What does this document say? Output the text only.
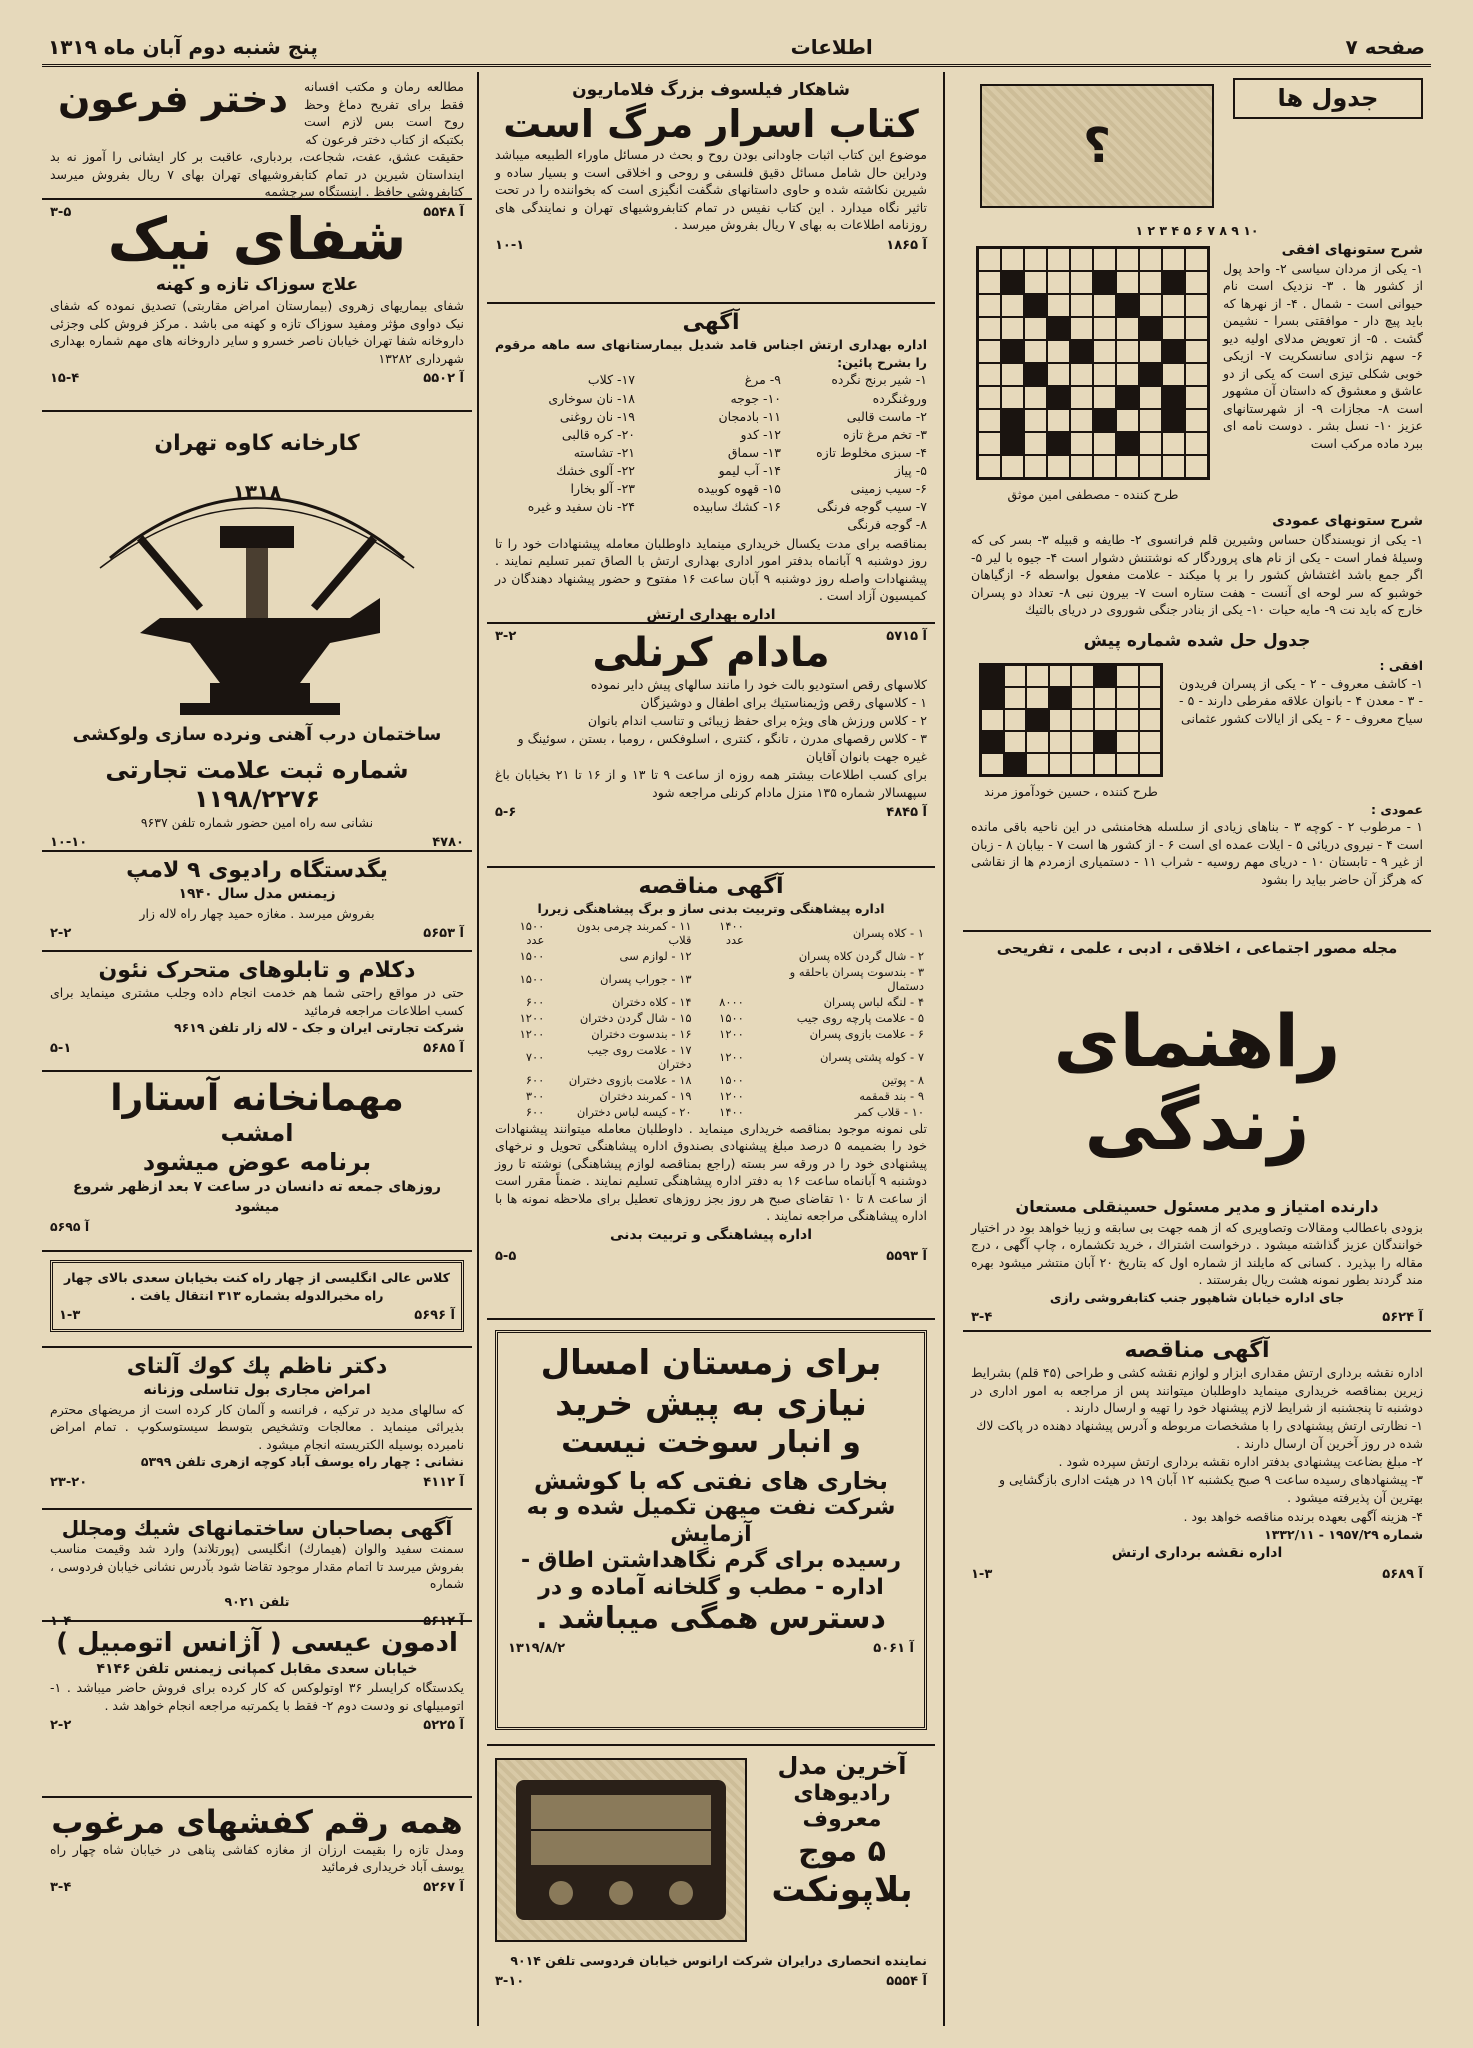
صفحه ۷
اطلاعات
پنج شنبه دوم آبان ماه ۱۳۱۹
جدول ها
؟
۱ ۲ ۳ ۴ ۵ ۶ ۷ ۸ ۹ ۱۰
شرح ستونهای افقی
۱- یکی از مردان سیاسی ۲- واحد پول از کشور ها . ۳- نزدیک است نام حیوانی است - شمال . ۴- از نهرها که باید پیچ دار - موافقتی بسرا - نشیمن گشت . ۵- از تعویض مدلای اولیه دیو ۶- سهم نژادی سانسکریت ۷- ازیکی خوبی شکلی تیزی است که یکی از دو عاشق و معشوق که داستان آن مشهور است ۸- مجازات ۹- از شهرستانهای عزیز ۱۰- نسل بشر . دوست نامه ای ببرد ماده مرکب است
طرح کننده - مصطفی امین موثق
شرح ستونهای عمودی
۱- یکی از نویسندگان حساس وشیرین قلم فرانسوی ۲- طایفه و قبیله ۳- بسر کی که وسیلهٔ فمار است - یکی از نام های پروردگار که نوشتنش دشوار است ۴- جیوه با لیر ۵- اگر جمع باشد اغتشاش کشور را بر پا میکند - علامت مفعول بواسطه ۶- ازگیاهان خوشبو که سر لوحه ای آنست - هفت ستاره است ۷- بیرون نبی ۸- تعداد دو پسران خارج که باید نت ۹- مایه حیات ۱۰- یکی از بنادر جنگی شوروی در دریای بالتیك
جدول حل شده شماره پیش
افقی :
۱- کاشف معروف - ۲ - یکی از پسران فریدون - ۳ - معدن ۴ - بانوان علاقه مفرطی دارند - ۵ - سیاح معروف - ۶ - یکی از ایالات کشور عثمانی
طرح کننده ، حسین خودآموز مرند
عمودی :
۱ - مرطوب ۲ - کوچه ۳ - بناهای زیادی از سلسله هخامنشی در این ناحیه باقی مانده است ۴ - نیروی دریائی ۵ - ایلات عمده ای است ۶ - از کشور ها است ۷ - بیابان ۸ - زبان از غیر ۹ - تابستان ۱۰ - دریای مهم روسیه - شراب ۱۱ - دستمیاری ازمردم ها از نقاشی که هرگز آن حاضر بیاید را بشود
مجله مصور اجتماعی ، اخلاقی ، ادبی ، علمی ، تفریحی
راهنمای زندگی
دارنده امتیاز و مدیر مسئول حسینقلی مستعان
بزودی باعطالب ومقالات وتصاویری که از همه جهت بی سابقه و زیبا خواهد بود در اختیار خوانندگان عزیز گذاشته میشود . درخواست اشتراك ، خرید تكشماره ، چاپ آگهی ، درج مقاله را بپذیرد . کسانی که مایلند از شماره اول که بتاریخ ۲۰ آبان منتشر میشود بهره مند گردند بطور نمونه هشت ریال بفرستند .
جای اداره خیابان شاهپور جنب کتابفروشی رازی
۳-۴	آ ۵۶۲۴
آگهی مناقصه
اداره نقشه برداری ارتش مقداری ابزار و لوازم نقشه کشی و طراحی (۴۵ قلم) بشرایط زیرین بمناقصه خریداری مینماید داوطلبان میتوانند پس از مراجعه به امور اداری در دوشنبه تا پنجشنبه از شرایط لازم پیشنهاد خود را تهیه و ارسال دارند .
۱- نظارتی ارتش پیشنهادی را با مشخصات مربوطه و آدرس پیشنهاد دهنده در پاکت لاك شده در روز آخرین آن ارسال دارند .
۲- مبلغ بضاعت پیشنهادی بدفتر اداره نقشه برداری ارتش سپرده شود .
۳- پیشنهادهای رسیده ساعت ۹ صبح یکشنبه ۱۲ آبان ۱۹ در هیئت اداری بازگشایی و بهترین آن پذیرفته میشود .
۴- هزینه آگهی بعهده برنده مناقصه خواهد بود .
شماره ۱۹۵۷/۲۹ - ۱۳۳۲/۱۱
اداره نقشه برداری ارتش
۱-۳	آ ۵۶۸۹
شاهکار فیلسوف بزرگ فلاماریون
کتاب اسرار مرگ است
موضوع این کتاب اثبات جاودانی بودن روح و بحث در مسائل ماوراء الطبیعه میباشد ودراین حال شامل مسائل دقیق فلسفی و روحی و اخلاقی است و بسیار ساده و شیرین نکاشته شده و حاوی داستانهای شگفت انگیزی است که بخواننده را در تحت تاثیر نگاه میدارد . این کتاب نفیس در تمام کتابفروشیهای تهران و نمایندگی های روزنامه اطلاعات به بهای ۷ ریال بفروش میرسد .
۱۰-۱	آ ۱۸۶۵
آگهی
اداره بهداری ارتش اجناس قامد شدیل بیمارستانهای سه ماهه مرقوم را بشرح پائین:
۱- شیر برنج نگرده وروغنگرده
۲- ماست قالبی
۳- تخم مرغ تازه
۴- سبزی مخلوط تازه
۵- پیاز
۶- سیب زمینی
۷- سیب گوجه فرنگی
۸- گوجه فرنگی
۹- مرغ
۱۰- جوجه
۱۱- بادمجان
۱۲- کدو
۱۳- سماق
۱۴- آب لیمو
۱۵- قهوه کوبیده
۱۶- کشك سابیده
۱۷- کلاب
۱۸- نان سوخاری
۱۹- نان روغنی
۲۰- کره قالبی
۲۱- تشاسته
۲۲- آلوی خشك
۲۳- آلو بخارا
۲۴- نان سفید و غیره
بمناقصه برای مدت یکسال خریداری مینماید داوطلبان معامله پیشنهادات خود را تا روز دوشنبه ۹ آبانماه بدفتر امور اداری بهداری ارتش با الصاق تمبر تسلیم نمایند . پیشنهادات واصله روز دوشنبه ۹ آبان ساعت ۱۶ مفتوح و حضور پیشنهاد دهندگان در کمیسیون آزاد است .
اداره بهداری ارتش
۳-۲	آ ۵۷۱۵
مادام کرنلی
کلاسهای رقص استودیو بالت خود را مانند سالهای پیش دایر نموده
۱ - کلاسهای رقص وژیمناستیك برای اطفال و دوشیزگان
۲ - کلاس ورزش های ویژه برای حفظ زیبائی و تناسب اندام بانوان
۳ - کلاس رقصهای مدرن ، تانگو ، کنتری ، اسلوفکس ، رومبا ، بستن ، سوئینگ و غیره جهت بانوان آقایان
برای کسب اطلاعات بیشتر همه روزه از ساعت ۹ تا ۱۳ و از ۱۶ تا ۲۱ بخیابان باغ سپهسالار شماره ۱۳۵ منزل مادام کرنلی مراجعه شود
۵-۶	آ ۴۸۴۵
آگهی مناقصه
اداره پیشاهنگی وتربیت بدنی ساز و برگ پیشاهنگی زیررا
۱ - کلاه پسران	۱۴۰۰ عدد	۱۱ - کمربند چرمی بدون قلاب	۱۵۰۰ عدد
۲ - شال گردن کلاه پسران		۱۲ - لوازم سی	۱۵۰۰
۳ - بندسوت پسران باحلقه و دستمال		۱۳ - جوراب پسران	۱۵۰۰
۴ - لنگه لباس پسران	۸۰۰۰	۱۴ - کلاه دختران	۶۰۰
۵ - علامت پارچه روی جیب	۱۵۰۰	۱۵ - شال گردن دختران	۱۲۰۰
۶ - علامت بازوی پسران	۱۲۰۰	۱۶ - بندسوت دختران	۱۲۰۰
۷ - کوله پشتی پسران	۱۲۰۰	۱۷ - علامت روی جیب دختران	۷۰۰
۸ - پوتین	۱۵۰۰	۱۸ - علامت بازوی دختران	۶۰۰
۹ - بند قمقمه	۱۲۰۰	۱۹ - کمربند دختران	۳۰۰
۱۰ - قلاب کمر	۱۴۰۰	۲۰ - کیسه لباس دختران	۶۰۰
تلی نمونه موجود بمناقصه خریداری مینماید . داوطلبان معامله میتوانند پیشنهادات خود را بضمیمه ۵ درصد مبلغ پیشنهادی بصندوق اداره پیشاهنگی تحویل و نرخهای پیشنهادی خود را در ورقه سر بسته (راجع بمناقصه لوازم پیشاهنگی) نوشته تا روز دوشنبه ۹ آبانماه ساعت ۱۶ به دفتر اداره پیشاهنگی تسلیم نمایند . ضمناً مقرر است از ساعت ۸ تا ۱۰ تقاضای صبح هر روز بجز روزهای تعطیل برای ملاحظه نمونه ها با اداره پیشاهنگی مراجعه نمایند .
اداره پیشاهنگی و تربیت بدنی
۵-۵	آ ۵۵۹۳
برای زمستان امسال
نیازی به پیش خرید
و انبار سوخت نیست
بخاری های نفتی که با کوشش
شرکت نفت میهن تکمیل شده و به آزمایش
رسیده برای گرم نگاهداشتن اطاق -
اداره - مطب و گلخانه آماده و در
دسترس همگی میباشد .
۱۳۱۹/۸/۲	آ ۵۰۶۱
آخرین مدل
رادیوهای معروف
۵ موج
بلاپونکت
نماینده انحصاری درایران شرکت ارانوس خیابان فردوسی تلفن ۹۰۱۴
۳-۱۰	آ ۵۵۵۴
مطالعه رمان و مکتب افسانه فقط برای تفریح دماغ وحظ روح است بس لازم است بکتبکه از کتاب دختر فرعون که
دختر فرعون
حقیقت عشق، عفت، شجاعت، بردباری، عاقبت بر کار ایشانی را آموز نه بد اینداستان شیرین در تمام کتابفروشیهای تهران بهای ۷ ریال بفروش میرسد کتابفروشی حافظ . اینستگاه سرچشمه
۳-۵	آ ۵۵۴۸
شفای نیک
علاج سوزاک تازه و کهنه
شفای بیماریهای زهروی (بیمارستان امراض مقاربتی) تصدیق نموده که شفای نیک دواوی مؤثر ومفید سوزاک تازه و کهنه می باشد . مرکز فروش کلی وجزئی داروخانه شفا تهران خیابان ناصر خسرو و سایر داروخانه های مهم شماره بهداری شهرداری ۱۳۲۸۲
۱۵-۴	آ ۵۵۰۲
کارخانه کاوه تهران
۱۳۱۸
ساختمان درب آهنی ونرده سازی ولوکشی
شماره ثبت علامت تجارتی ۱۱۹۸/۲۲۷۶
نشانی سه راه امین حضور شماره تلفن ۹۶۳۷
۱۰-۱۰	۴۷۸۰
یگدستگاه رادیوی ۹ لامپ
زیمنس مدل سال ۱۹۴۰
بفروش میرسد . مغازه حمید چهار راه لاله زار
۲-۲	آ ۵۶۵۳
دکلام و تابلوهای متحرک نئون
حتی در مواقع راحتی شما هم خدمت انجام داده وجلب مشتری مینماید برای کسب اطلاعات مراجعه فرمائید
شرکت تجارتی ایران و جک - لاله زار تلفن ۹۶۱۹
۵-۱	آ ۵۶۸۵
مهمانخانه آستارا
امشب
برنامه عوض میشود
روزهای جمعه ته دانسان در ساعت ۷ بعد ازظهر شروع میشود
آ ۵۶۹۵
کلاس عالی انگلیسی از چهار راه کنت بخیابان سعدی بالای چهار راه مخبرالدوله بشماره ۳۱۳ انتقال یافت .
۱-۳	آ ۵۶۹۶
دکتر ناظم پك كوك آلتای
امراض مجاری بول تناسلی وزنانه
که سالهای مدید در ترکیه ، فرانسه و آلمان کار کرده است از مریضهای محترم بذیرائی مینماید . معالجات وتشخیص بتوسط سیستوسکوپ . تمام امراض نامبرده بوسیله الکتریسته انجام میشود .
نشانی : چهار راه یوسف آباد کوچه ازهری تلفن ۵۳۹۹
۲۳-۲۰	آ ۴۱۱۲
آگهی بصاحبان ساختمانهای شیك ومجلل
سمنت سفید والوان (هیمارك) انگلیسی (پورتلاند) وارد شد وقیمت مناسب بفروش میرسد تا اتمام مقدار موجود تقاضا شود بآدرس نشانی خیابان فردوسی ، شماره
تلفن ۹۰۲۱
۱-۴	آ ۵۶۱۲
ادمون عیسی ( آژانس اتومبیل )
خیابان سعدی مقابل کمپانی زیمنس تلفن ۴۱۴۶
یکدستگاه کرایسلر ۳۶ اوتولوکس که کار کرده برای فروش حاضر میباشد . ۱- اتومبیلهای نو ودست دوم ۲- فقط با یکمرتبه مراجعه انجام خواهد شد .
۲-۲	آ ۵۲۲۵
همه رقم کفشهای مرغوب
ومدل تازه را بقیمت ارزان از مغازه کفاشی پناهی در خیابان شاه چهار راه یوسف آباد خریداری فرمائید
۳-۴	آ ۵۲۶۷
